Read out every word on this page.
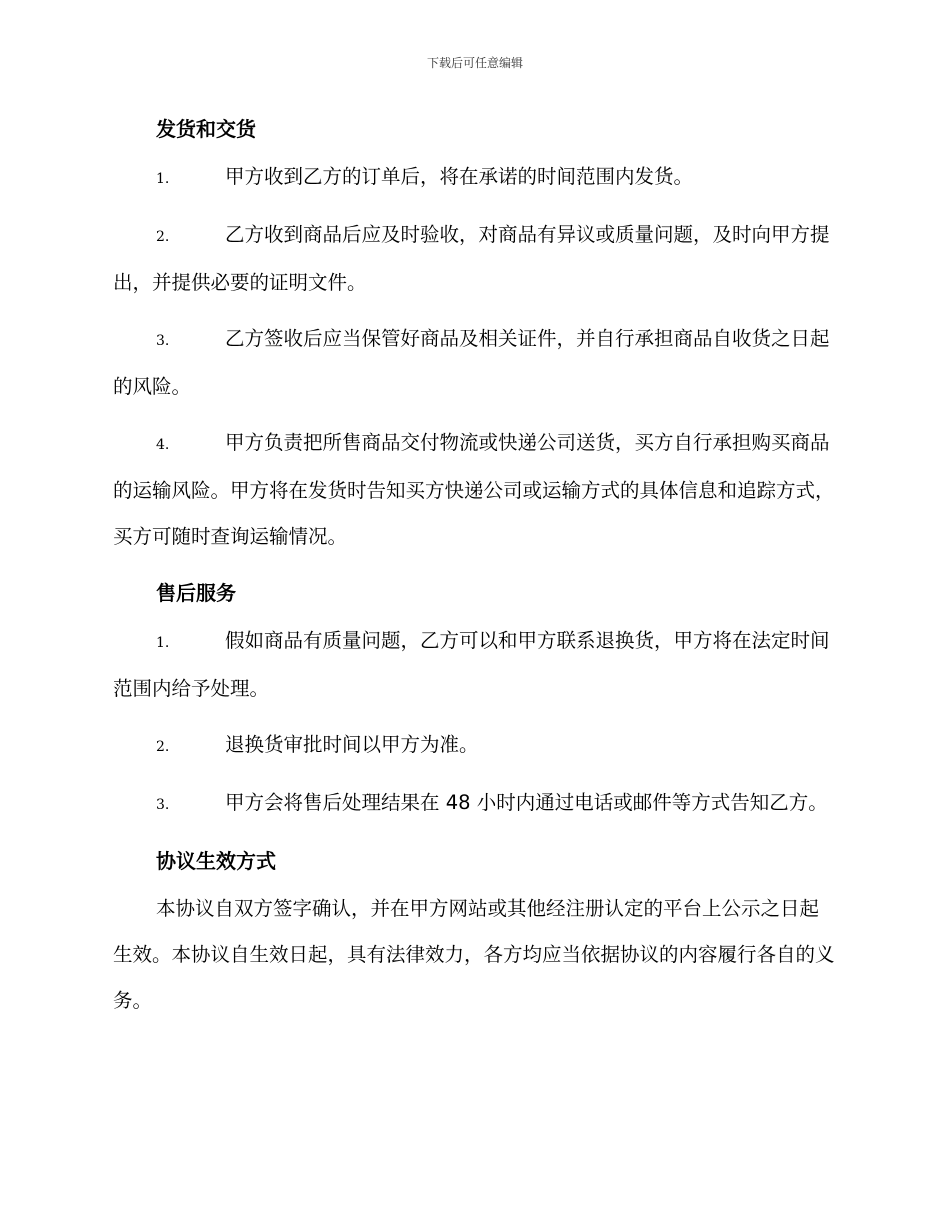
下载后可任意编辑
发货和交货
1.	甲方收到乙方的订单后，将在承诺的时间范围内发货。
2.	乙方收到商品后应及时验收，对商品有异议或质量问题，及时向甲方提出，并提供必要的证明文件。
3.	乙方签收后应当保管好商品及相关证件，并自行承担商品自收货之日起的风险。
4.	甲方负责把所售商品交付物流或快递公司送货，买方自行承担购买商品的运输风险。甲方将在发货时告知买方快递公司或运输方式的具体信息和追踪方式，买方可随时查询运输情况。
售后服务
1.	假如商品有质量问题，乙方可以和甲方联系退换货，甲方将在法定时间范围内给予处理。
2.	退换货审批时间以甲方为准。
3.	甲方会将售后处理结果在 48 小时内通过电话或邮件等方式告知乙方。
协议生效方式
本协议自双方签字确认，并在甲方网站或其他经注册认定的平台上公示之日起生效。本协议自生效日起，具有法律效力，各方均应当依据协议的内容履行各自的义务。
